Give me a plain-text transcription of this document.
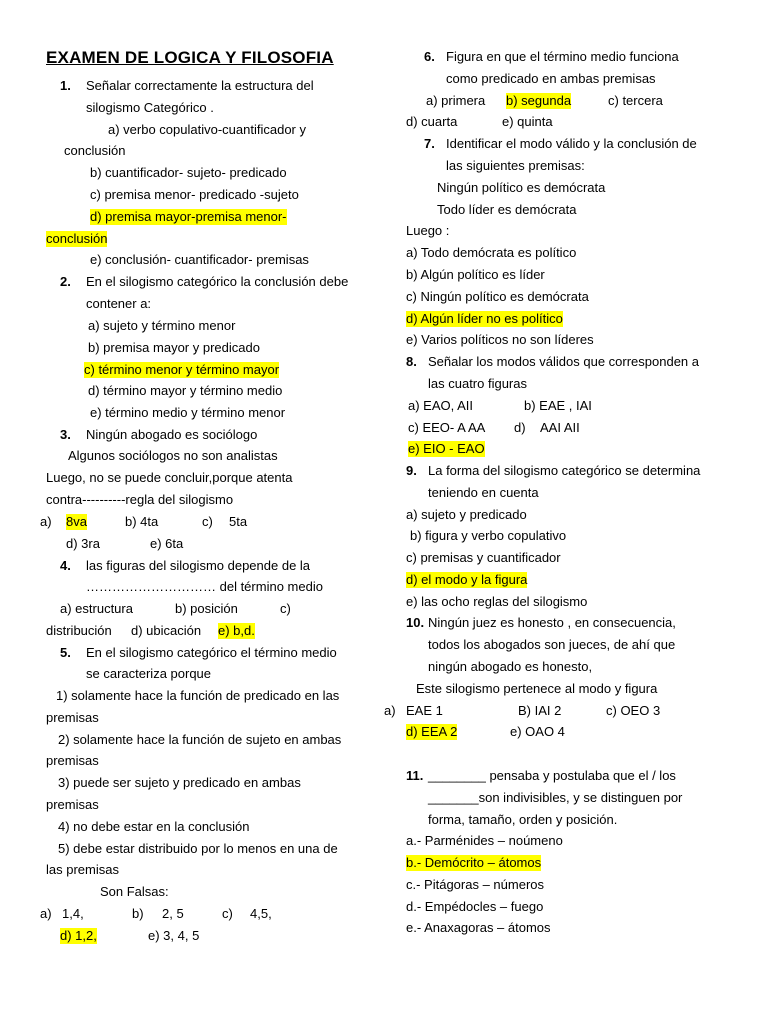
EXAMEN DE LOGICA Y FILOSOFIA
1. Señalar correctamente la estructura del
silogismo Categórico .
a) verbo copulativo-cuantificador y
conclusión
b) cuantificador- sujeto- predicado
c) premisa menor- predicado -sujeto
d) premisa mayor-premisa menor-
conclusión
e) conclusión- cuantificador- premisas
2. En el silogismo categórico la conclusión debe
contener a:
a) sujeto y término menor
b) premisa mayor y predicado
c) término menor y término mayor
d) término mayor y término medio
e) término medio y término menor
3. Ningún abogado es sociólogo
Algunos sociólogos no son analistas
Luego, no se puede concluir,porque atenta
contra----------regla del silogismo
a) 8va	b) 4ta	c) 5ta
d) 3ra	e) 6ta
4. las figuras del silogismo depende de la
………………………… del término medio
a) estructura	b) posición	c)
distribución d) ubicación e) b,d.
5. En el silogismo categórico el término medio
se caracteriza porque
1) solamente hace la función de predicado en las
premisas
2) solamente hace la función de sujeto en ambas
premisas
3) puede ser sujeto y predicado en ambas
premisas
4) no debe estar en la conclusión
5) debe estar distribuido por lo menos en una de
las premisas
Son Falsas:
a) 1,4,	b) 2, 5	c) 4,5,
d) 1,2,	e) 3, 4, 5
6. Figura en que el término medio funciona
como predicado en ambas premisas
a) primera b) segunda	c) tercera
d) cuarta	e) quinta
7. Identificar el modo válido y la conclusión de
las siguientes premisas:
Ningún político es demócrata
Todo líder es demócrata
Luego :
a) Todo demócrata es político
b) Algún político es líder
c) Ningún político es demócrata
d) Algún líder no es político
e) Varios políticos no son líderes
8. Señalar los modos válidos que corresponden a
las cuatro figuras
a) EAO, AII	b) EAE , IAI
c) EEO- A AA d) AAI AII
e) EIO - EAO
9. La forma del silogismo categórico se determina
teniendo en cuenta
a) sujeto y predicado
b) figura y verbo copulativo
c) premisas y cuantificador
d) el modo y la figura
e) las ocho reglas del silogismo
10. Ningún juez es honesto , en consecuencia,
todos los abogados son jueces, de ahí que
ningún abogado es honesto,
Este silogismo pertenece al modo y figura
a) EAE 1	B) IAI 2	c) OEO 3
d) EEA 2	e) OAO 4
11. ________ pensaba y postulaba que el / los
_______son indivisibles, y se distinguen por
forma, tamaño, orden y posición.
a.- Parménides – noúmeno
b.- Demócrito – átomos
c.- Pitágoras – números
d.- Empédocles – fuego
e.- Anaxagoras – átomos
